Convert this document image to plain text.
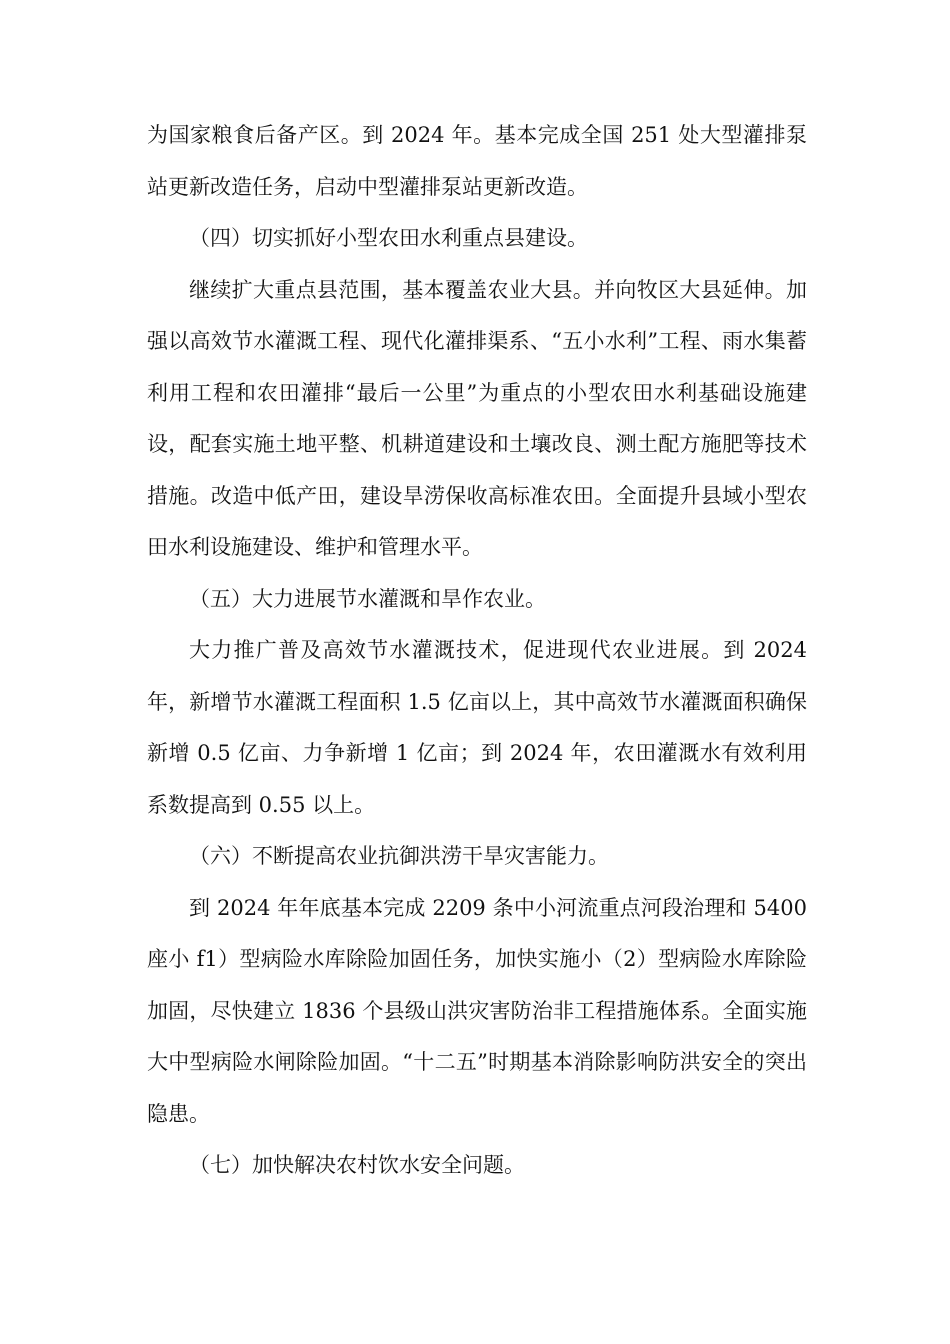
为国家粮食后备产区。到 2024 年。基本完成全国 251 处大型灌排泵站更新改造任务，启动中型灌排泵站更新改造。

（四）切实抓好小型农田水利重点县建设。

继续扩大重点县范围，基本覆盖农业大县。并向牧区大县延伸。加强以高效节水灌溉工程、现代化灌排渠系、“五小水利”工程、雨水集蓄利用工程和农田灌排“最后一公里”为重点的小型农田水利基础设施建设，配套实施土地平整、机耕道建设和土壤改良、测土配方施肥等技术措施。改造中低产田，建设旱涝保收高标准农田。全面提升县域小型农田水利设施建设、维护和管理水平。

（五）大力进展节水灌溉和旱作农业。

大力推广普及高效节水灌溉技术，促进现代农业进展。到 2024 年，新增节水灌溉工程面积 1.5 亿亩以上，其中高效节水灌溉面积确保新增 0.5 亿亩、力争新增 1 亿亩；到 2024 年，农田灌溉水有效利用系数提高到 0.55 以上。

（六）不断提高农业抗御洪涝干旱灾害能力。

到 2024 年年底基本完成 2209 条中小河流重点河段治理和 5400 座小 f1）型病险水库除险加固任务，加快实施小（2）型病险水库除险加固，尽快建立 1836 个县级山洪灾害防治非工程措施体系。全面实施大中型病险水闸除险加固。“十二五”时期基本消除影响防洪安全的突出隐患。

（七）加快解决农村饮水安全问题。
